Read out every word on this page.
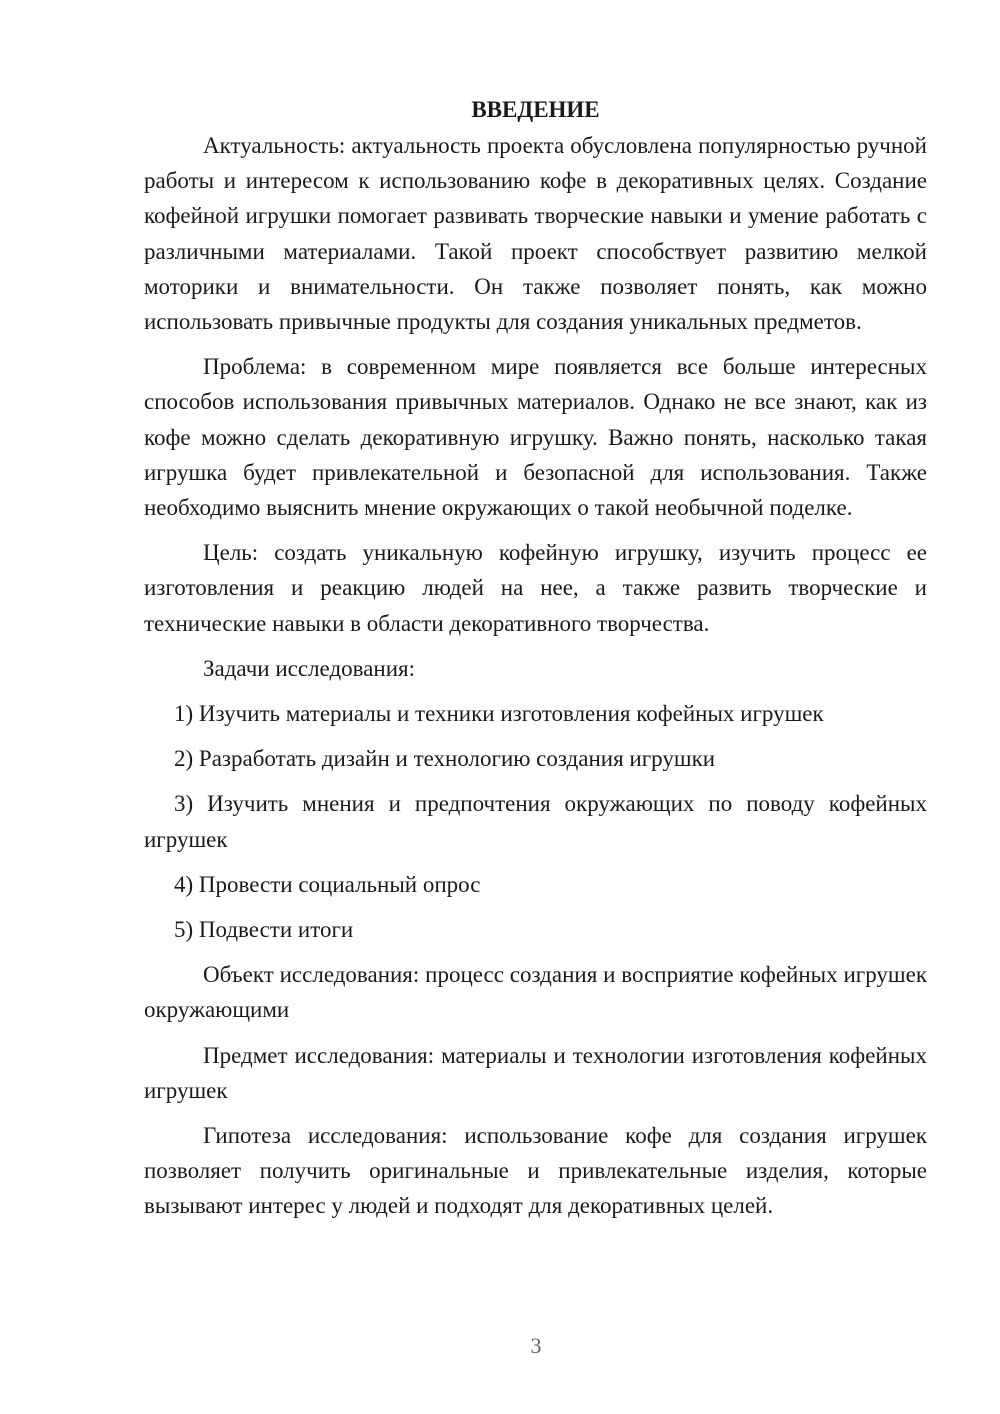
ВВЕДЕНИЕ

Актуальность: актуальность проекта обусловлена популярностью ручной работы и интересом к использованию кофе в декоративных целях. Создание кофейной игрушки помогает развивать творческие навыки и умение работать с различными материалами. Такой проект способствует развитию мелкой моторики и внимательности. Он также позволяет понять, как можно использовать привычные продукты для создания уникальных предметов.

Проблема: в современном мире появляется все больше интересных способов использования привычных материалов. Однако не все знают, как из кофе можно сделать декоративную игрушку. Важно понять, насколько такая игрушка будет привлекательной и безопасной для использования. Также необходимо выяснить мнение окружающих о такой необычной поделке.

Цель: создать уникальную кофейную игрушку, изучить процесс ее изготовления и реакцию людей на нее, а также развить творческие и технические навыки в области декоративного творчества.

Задачи исследования:

1) Изучить материалы и техники изготовления кофейных игрушек

2) Разработать дизайн и технологию создания игрушки

3) Изучить мнения и предпочтения окружающих по поводу кофейных игрушек

4) Провести социальный опрос

5) Подвести итоги

Объект исследования: процесс создания и восприятие кофейных игрушек окружающими

Предмет исследования: материалы и технологии изготовления кофейных игрушек

Гипотеза исследования: использование кофе для создания игрушек позволяет получить оригинальные и привлекательные изделия, которые вызывают интерес у людей и подходят для декоративных целей.

3
